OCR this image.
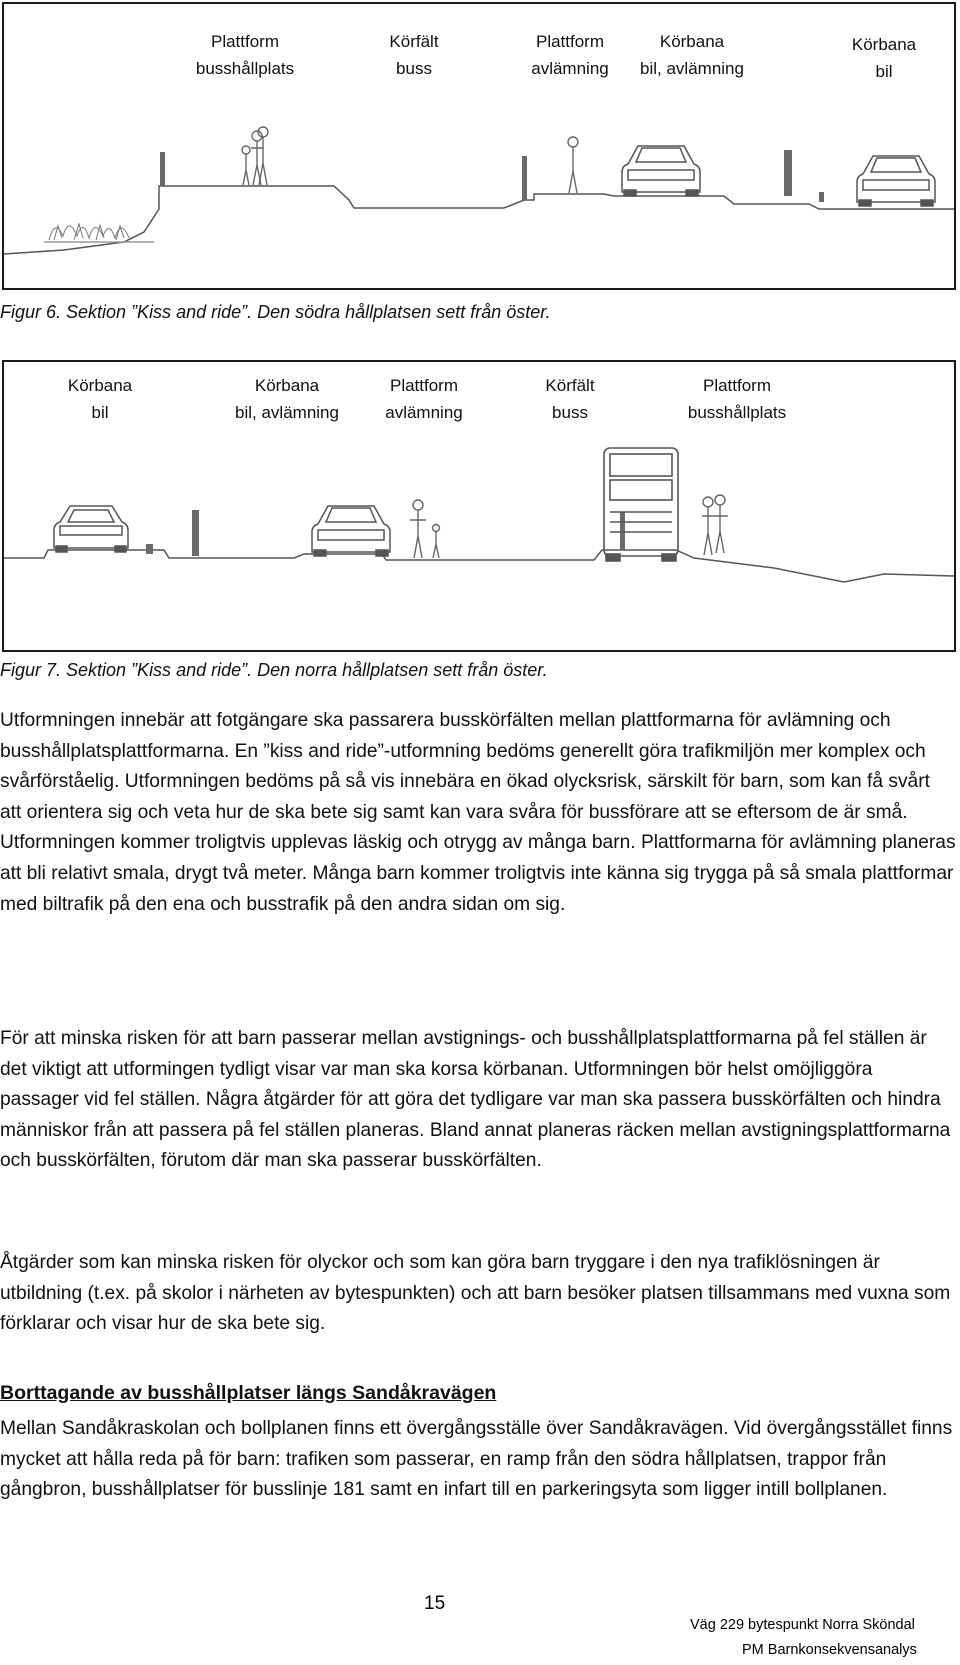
Plattform
busshållplats
Körfält
buss
Plattform
avlämning
Körbana
bil, avlämning
Körbana
bil
Figur 6. Sektion ”Kiss and ride”. Den södra hållplatsen sett från öster.
Körbana
bil
Körbana
bil, avlämning
Plattform
avlämning
Körfält
buss
Plattform
busshållplats
Figur 7. Sektion ”Kiss and ride”. Den norra hållplatsen sett från öster.

Utformningen innebär att fotgängare ska passarera busskörfälten mellan plattformarna för avlämning och busshållplatsplattformarna. En ”kiss and ride”-utformning bedöms generellt göra trafikmiljön mer komplex och svårförståelig. Utformningen bedöms på så vis innebära en ökad olycksrisk, särskilt för barn, som kan få svårt att orientera sig och veta hur de ska bete sig samt kan vara svåra för bussförare att se eftersom de är små. Utformningen kommer troligtvis upplevas läskig och otrygg av många barn. Plattformarna för avlämning planeras att bli relativt smala, drygt två meter. Många barn kommer troligtvis inte känna sig trygga på så smala plattformar med biltrafik på den ena och busstrafik på den andra sidan om sig.

För att minska risken för att barn passerar mellan avstignings- och busshållplatsplattformarna på fel ställen är det viktigt att utformingen tydligt visar var man ska korsa körbanan. Utformningen bör helst omöjliggöra passager vid fel ställen. Några åtgärder för att göra det tydligare var man ska passera busskörfälten och hindra människor från att passera på fel ställen planeras. Bland annat planeras räcken mellan avstigningsplattformarna och busskörfälten, förutom där man ska passerar busskörfälten.

Åtgärder som kan minska risken för olyckor och som kan göra barn tryggare i den nya trafiklösningen är utbildning (t.ex. på skolor i närheten av bytespunkten) och att barn besöker platsen tillsammans med vuxna som förklarar och visar hur de ska bete sig.

Borttagande av busshållplatser längs Sandåkravägen

Mellan Sandåkraskolan och bollplanen finns ett övergångsställe över Sandåkravägen. Vid övergångsstället finns mycket att hålla reda på för barn: trafiken som passerar, en ramp från den södra hållplatsen, trappor från gångbron, busshållplatser för busslinje 181 samt en infart till en parkeringsyta som ligger intill bollplanen.

15
Väg 229 bytespunkt Norra Sköndal
PM Barnkonsekvensanalys
